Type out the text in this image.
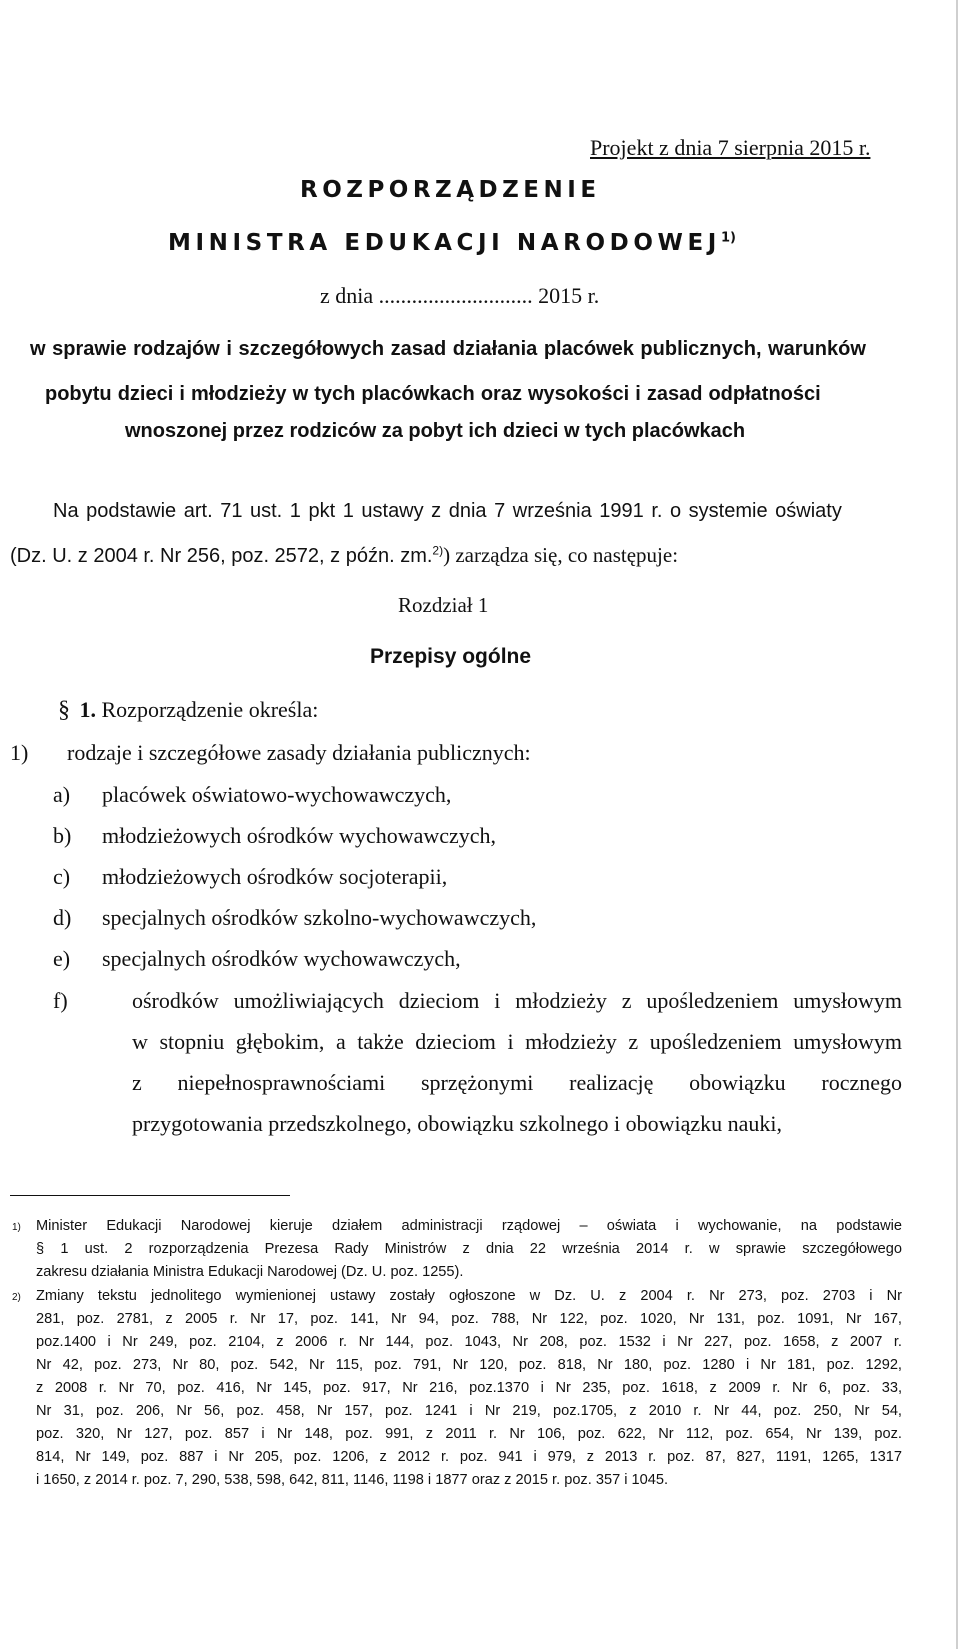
Projekt z dnia 7 sierpnia 2015 r.
ROZPORZĄDZENIE
MINISTRA EDUKACJI NARODOWEJ$^{1)}$
z dnia ............................ 2015 r.
w sprawie rodzajów i szczegółowych zasad działania placówek publicznych, warunków
pobytu dzieci i młodzieży w tych placówkach oraz wysokości i zasad odpłatności
wnoszonej przez rodziców za pobyt ich dzieci w tych placówkach
Na podstawie art. 71 ust. 1 pkt 1 ustawy z dnia 7 września 1991 r. o systemie oświaty
(Dz. U. z 2004 r. Nr 256, poz. 2572, z późn. zm.$^{2)}$) zarządza się, co następuje:
Rozdział 1
Przepisy ogólne
§ 1. Rozporządzenie określa:
1) rodzaje i szczegółowe zasady działania publicznych:
a) placówek oświatowo-wychowawczych,
b) młodzieżowych ośrodków wychowawczych,
c) młodzieżowych ośrodków socjoterapii,
d) specjalnych ośrodków szkolno-wychowawczych,
e) specjalnych ośrodków wychowawczych,
f)	ośrodków umożliwiających dzieciom i młodzieży z upośledzeniem umysłowym
w stopniu głębokim, a także dzieciom i młodzieży z upośledzeniem umysłowym
z niepełnosprawnościami sprzężonymi realizację obowiązku rocznego
przygotowania przedszkolnego, obowiązku szkolnego i obowiązku nauki,
1) Minister Edukacji Narodowej kieruje działem administracji rządowej – oświata i wychowanie, na podstawie
§ 1 ust. 2 rozporządzenia Prezesa Rady Ministrów z dnia 22 września 2014 r. w sprawie szczegółowego
zakresu działania Ministra Edukacji Narodowej (Dz. U. poz. 1255).
2) Zmiany tekstu jednolitego wymienionej ustawy zostały ogłoszone w Dz. U. z 2004 r. Nr 273, poz. 2703 i Nr
281, poz. 2781, z 2005 r. Nr 17, poz. 141, Nr 94, poz. 788, Nr 122, poz. 1020, Nr 131, poz. 1091, Nr 167,
poz.1400 i Nr 249, poz. 2104, z 2006 r. Nr 144, poz. 1043, Nr 208, poz. 1532 i Nr 227, poz. 1658, z 2007 r.
Nr 42, poz. 273, Nr 80, poz. 542, Nr 115, poz. 791, Nr 120, poz. 818, Nr 180, poz. 1280 i Nr 181, poz. 1292,
z 2008 r. Nr 70, poz. 416, Nr 145, poz. 917, Nr 216, poz.1370 i Nr 235, poz. 1618, z 2009 r. Nr 6, poz. 33,
Nr 31, poz. 206, Nr 56, poz. 458, Nr 157, poz. 1241 i Nr 219, poz.1705, z 2010 r. Nr 44, poz. 250, Nr 54,
poz. 320, Nr 127, poz. 857 i Nr 148, poz. 991, z 2011 r. Nr 106, poz. 622, Nr 112, poz. 654, Nr 139, poz.
814, Nr 149, poz. 887 i Nr 205, poz. 1206, z 2012 r. poz. 941 i 979, z 2013 r. poz. 87, 827, 1191, 1265, 1317
i 1650, z 2014 r. poz. 7, 290, 538, 598, 642, 811, 1146, 1198 i 1877 oraz z 2015 r. poz. 357 i 1045.
